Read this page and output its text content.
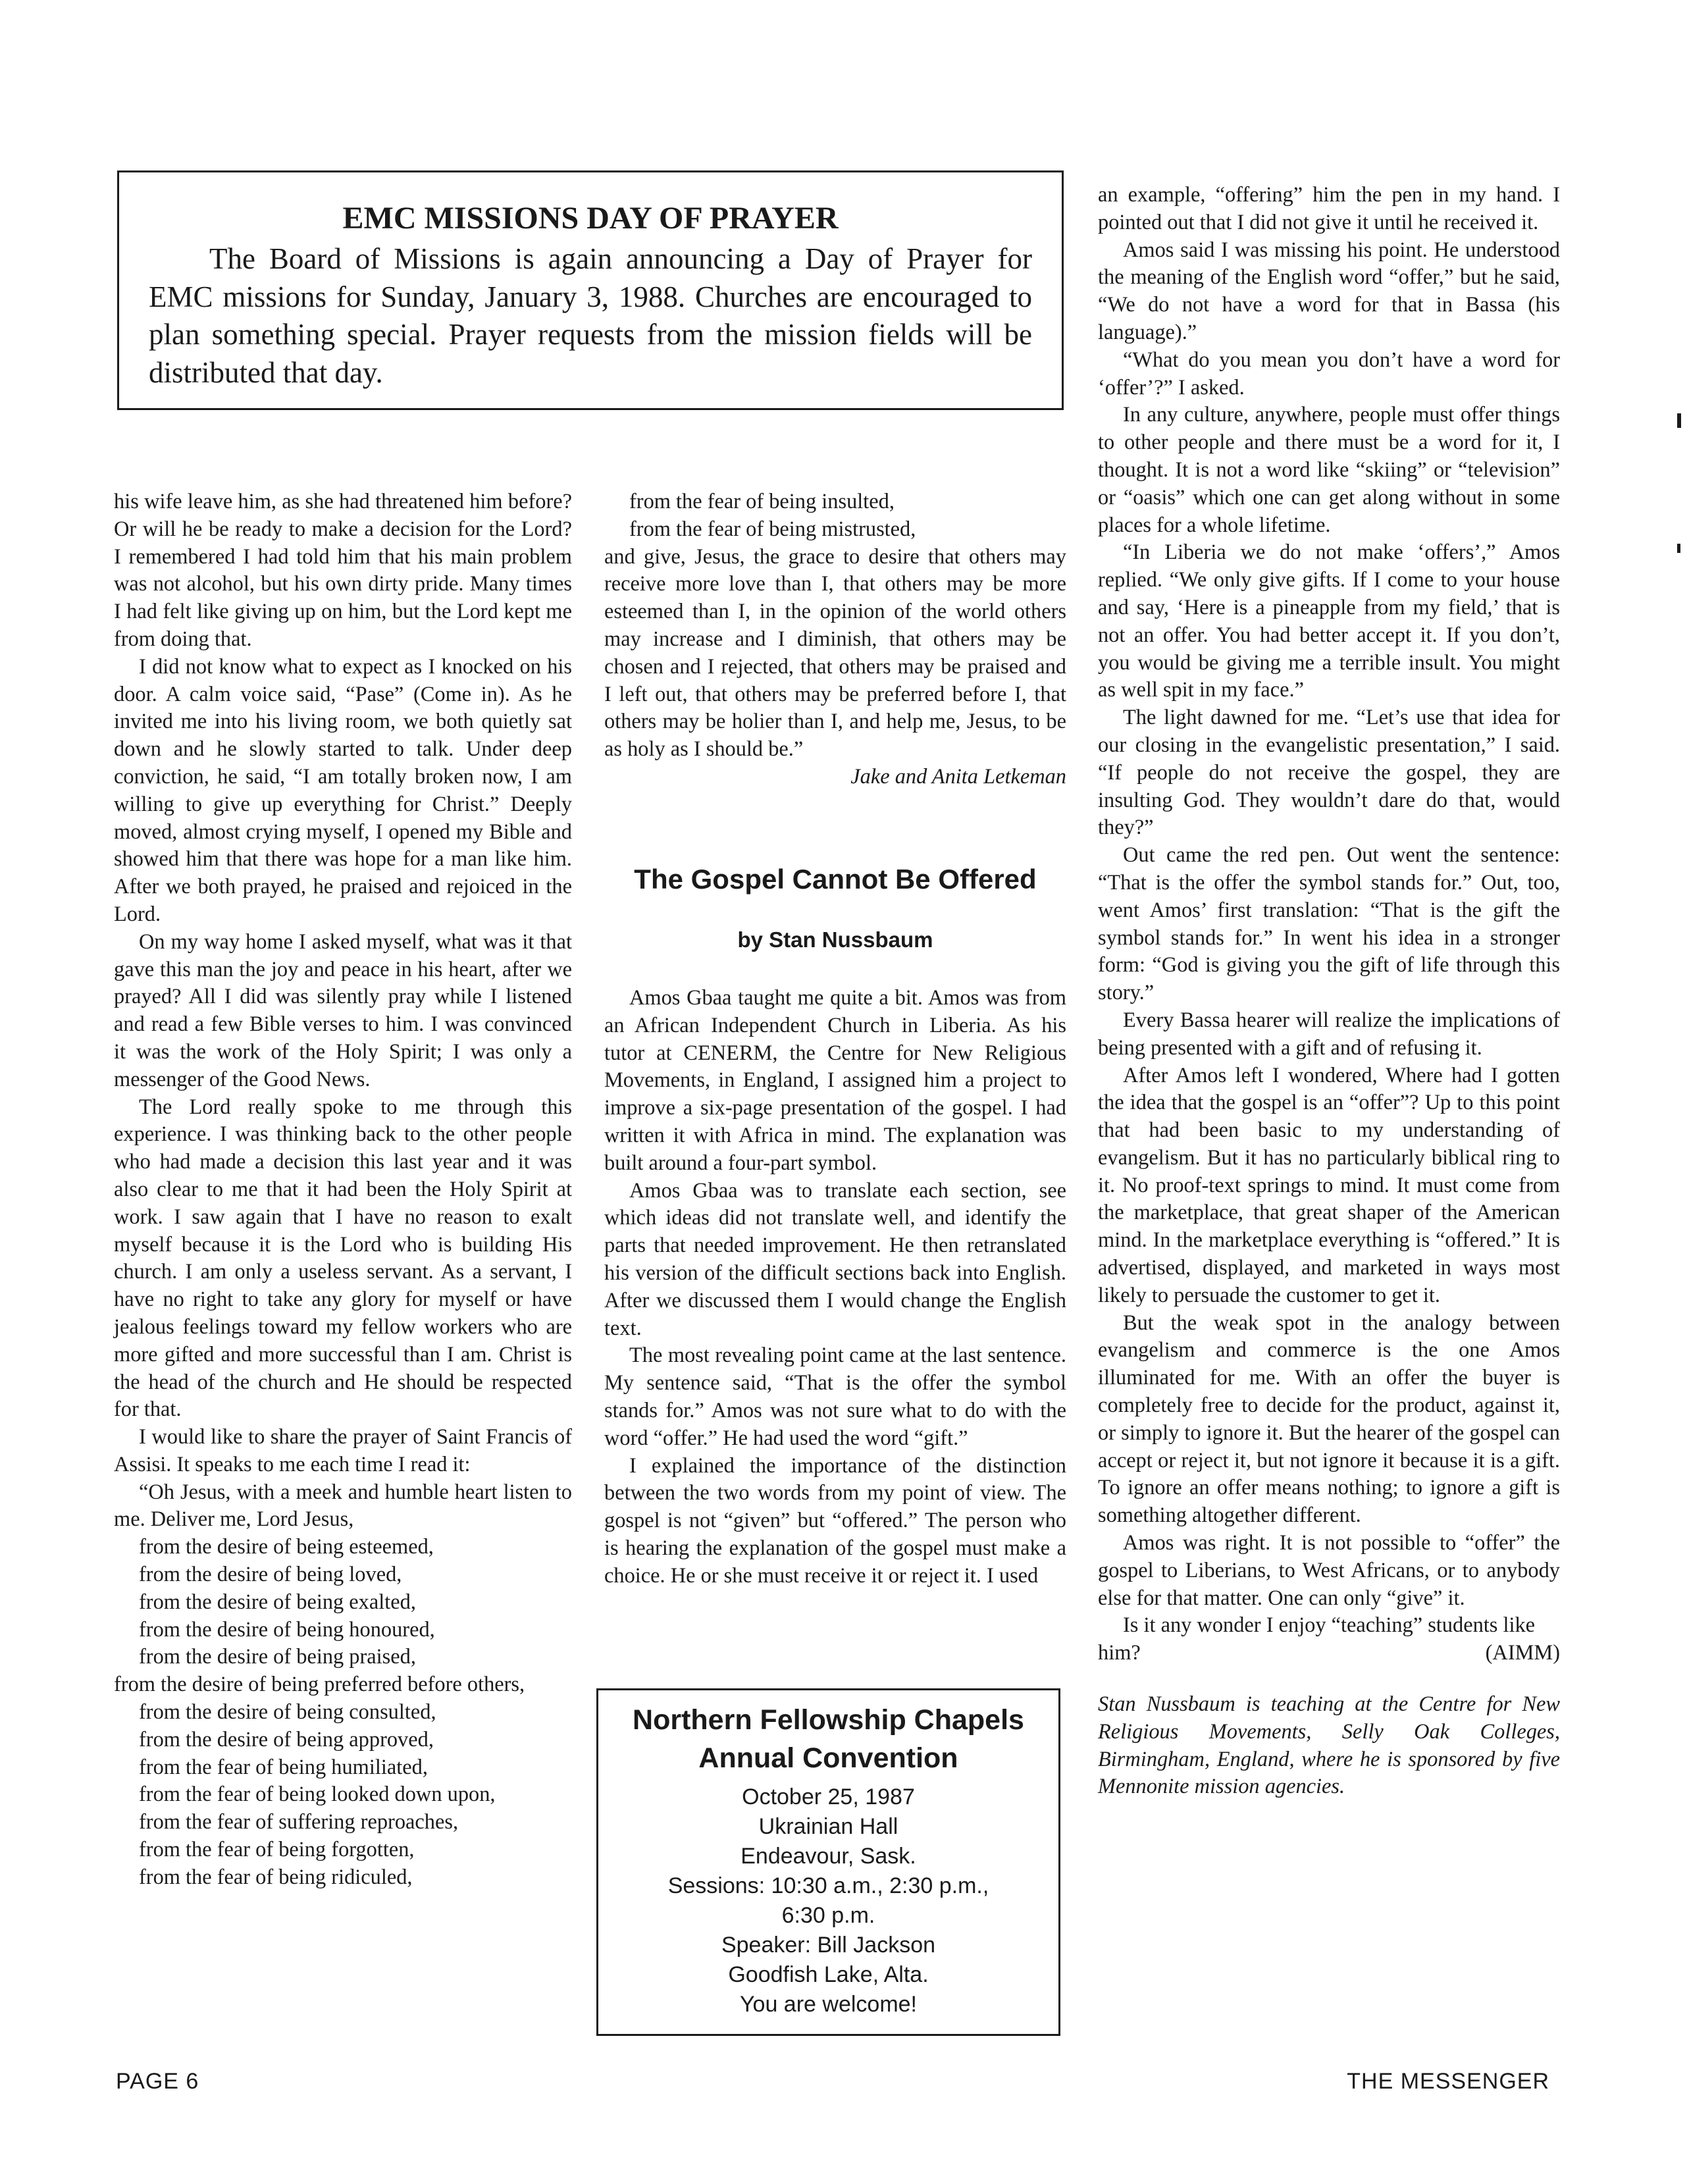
EMC MISSIONS DAY OF PRAYER
The Board of Missions is again announcing a Day of Prayer for EMC missions for Sunday, January 3, 1988. Churches are encouraged to plan something special. Prayer requests from the mission fields will be distributed that day.

his wife leave him, as she had threatened him before? Or will he be ready to make a decision for the Lord? I remembered I had told him that his main problem was not alcohol, but his own dirty pride. Many times I had felt like giving up on him, but the Lord kept me from doing that.

I did not know what to expect as I knocked on his door. A calm voice said, “Pase” (Come in). As he invited me into his living room, we both quietly sat down and he slowly started to talk. Under deep conviction, he said, “I am totally broken now, I am willing to give up everything for Christ.” Deeply moved, almost crying myself, I opened my Bible and showed him that there was hope for a man like him. After we both prayed, he praised and rejoiced in the Lord.

On my way home I asked myself, what was it that gave this man the joy and peace in his heart, after we prayed? All I did was silently pray while I listened and read a few Bible verses to him. I was convinced it was the work of the Holy Spirit; I was only a messenger of the Good News.

The Lord really spoke to me through this experience. I was thinking back to the other people who had made a decision this last year and it was also clear to me that it had been the Holy Spirit at work. I saw again that I have no reason to exalt myself because it is the Lord who is building His church. I am only a useless servant. As a servant, I have no right to take any glory for myself or have jealous feelings toward my fellow workers who are more gifted and more successful than I am. Christ is the head of the church and He should be respected for that.

I would like to share the prayer of Saint Francis of Assisi. It speaks to me each time I read it:

“Oh Jesus, with a meek and humble heart listen to me. Deliver me, Lord Jesus,

from the desire of being esteemed,

from the desire of being loved,

from the desire of being exalted,

from the desire of being honoured,

from the desire of being praised,

from the desire of being preferred before others,

from the desire of being consulted,

from the desire of being approved,

from the fear of being humiliated,

from the fear of being looked down upon,

from the fear of suffering reproaches,

from the fear of being forgotten,

from the fear of being ridiculed,

from the fear of being insulted,

from the fear of being mistrusted,

and give, Jesus, the grace to desire that others may receive more love than I, that others may be more esteemed than I, in the opinion of the world others may increase and I diminish, that others may be chosen and I rejected, that others may be praised and I left out, that others may be preferred before I, that others may be holier than I, and help me, Jesus, to be as holy as I should be.”

Jake and Anita Letkeman

The Gospel Cannot Be Offered
by Stan Nussbaum

Amos Gbaa taught me quite a bit. Amos was from an African Independent Church in Liberia. As his tutor at CENERM, the Centre for New Religious Movements, in England, I assigned him a project to improve a six-page presentation of the gospel. I had written it with Africa in mind. The explanation was built around a four-part symbol.

Amos Gbaa was to translate each section, see which ideas did not translate well, and identify the parts that needed improvement. He then retranslated his version of the difficult sections back into English. After we discussed them I would change the English text.

The most revealing point came at the last sentence. My sentence said, “That is the offer the symbol stands for.” Amos was not sure what to do with the word “offer.” He had used the word “gift.”

I explained the importance of the distinction between the two words from my point of view. The gospel is not “given” but “offered.” The person who is hearing the explanation of the gospel must make a choice. He or she must receive it or reject it. I used

Northern Fellowship Chapels Annual Convention
October 25, 1987
Ukrainian Hall
Endeavour, Sask.
Sessions: 10:30 a.m., 2:30 p.m.,
6:30 p.m.
Speaker: Bill Jackson
Goodfish Lake, Alta.
You are welcome!

an example, “offering” him the pen in my hand. I pointed out that I did not give it until he received it.

Amos said I was missing his point. He understood the meaning of the English word “offer,” but he said, “We do not have a word for that in Bassa (his language).”

“What do you mean you don’t have a word for ‘offer’?” I asked.

In any culture, anywhere, people must offer things to other people and there must be a word for it, I thought. It is not a word like “skiing” or “television” or “oasis” which one can get along without in some places for a whole lifetime.

“In Liberia we do not make ‘offers’,” Amos replied. “We only give gifts. If I come to your house and say, ‘Here is a pineapple from my field,’ that is not an offer. You had better accept it. If you don’t, you would be giving me a terrible insult. You might as well spit in my face.”

The light dawned for me. “Let’s use that idea for our closing in the evangelistic presentation,” I said. “If people do not receive the gospel, they are insulting God. They wouldn’t dare do that, would they?”

Out came the red pen. Out went the sentence: “That is the offer the symbol stands for.” Out, too, went Amos’ first translation: “That is the gift the symbol stands for.” In went his idea in a stronger form: “God is giving you the gift of life through this story.”

Every Bassa hearer will realize the implications of being presented with a gift and of refusing it.

After Amos left I wondered, Where had I gotten the idea that the gospel is an “offer”? Up to this point that had been basic to my understanding of evangelism. But it has no particularly biblical ring to it. No proof-text springs to mind. It must come from the marketplace, that great shaper of the American mind. In the marketplace everything is “offered.” It is advertised, displayed, and marketed in ways most likely to persuade the customer to get it.

But the weak spot in the analogy between evangelism and commerce is the one Amos illuminated for me. With an offer the buyer is completely free to decide for the product, against it, or simply to ignore it. But the hearer of the gospel can accept or reject it, but not ignore it because it is a gift. To ignore an offer means nothing; to ignore a gift is something altogether different.

Amos was right. It is not possible to “offer” the gospel to Liberians, to West Africans, or to anybody else for that matter. One can only “give” it.

Is it any wonder I enjoy “teaching” students like him?	(AIMM)

Stan Nussbaum is teaching at the Centre for New Religious Movements, Selly Oak Colleges, Birmingham, England, where he is sponsored by five Mennonite mission agencies.

PAGE 6	THE MESSENGER
